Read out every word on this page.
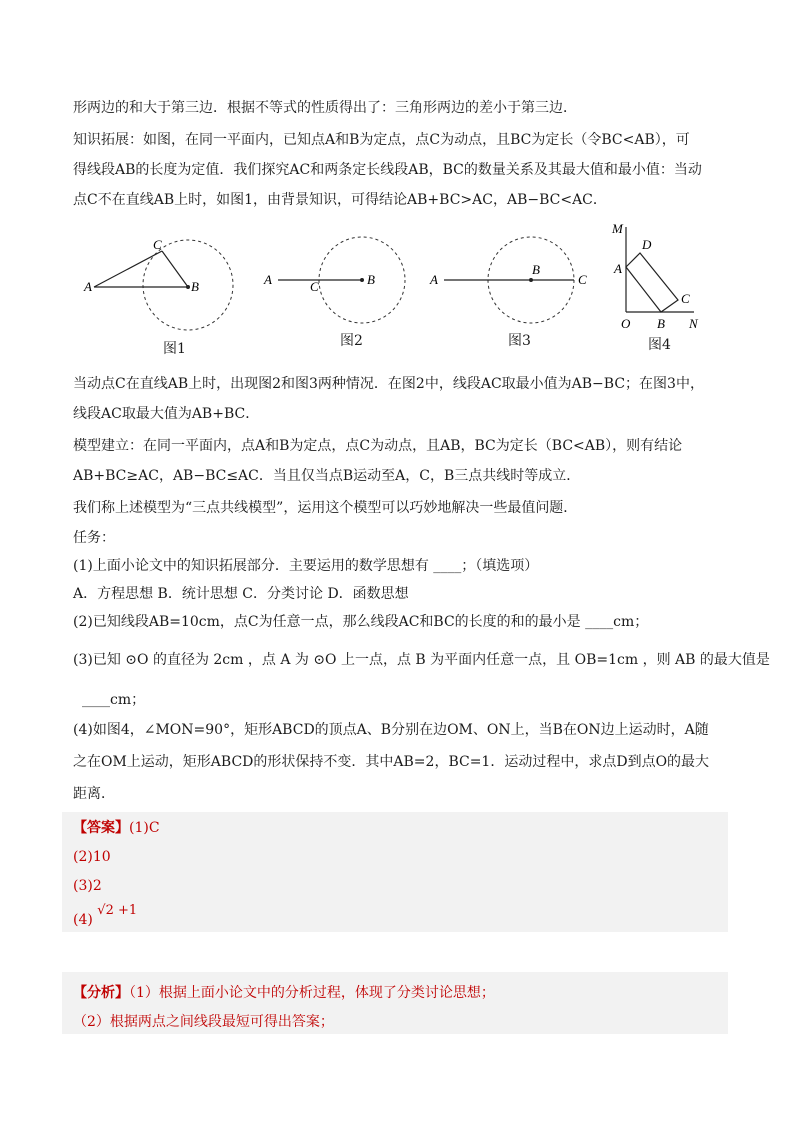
形两边的和大于第三边．根据不等式的性质得出了：三角形两边的差小于第三边．
知识拓展：如图，在同一平面内，已知点A和B为定点，点C为动点，且BC为定长（令BC<AB），可
得线段AB的长度为定值．我们探究AC和两条定长线段AB，BC的数量关系及其最大值和最小值：当动
点C不在直线AB上时，如图1，由背景知识，可得结论AB+BC>AC，AB−BC<AC．
A
C
B	A	C	B	A
B
C
M
D
A
C
O B N
图1	图2	图3	图4
当动点C在直线AB上时，出现图2和图3两种情况．在图2中，线段AC取最小值为AB−BC；在图3中，
线段AC取最大值为AB+BC．
模型建立：在同一平面内，点A和B为定点，点C为动点，且AB，BC为定长（BC<AB），则有结论
AB+BC≥AC，AB−BC≤AC．当且仅当点B运动至A，C，B三点共线时等成立．
我们称上述模型为“三点共线模型”，运用这个模型可以巧妙地解决一些最值问题．
任务：
(1)上面小论文中的知识拓展部分．主要运用的数学思想有 ____；（填选项）
A．方程思想 B．统计思想 C．分类讨论 D．函数思想
(2)已知线段AB=10cm，点C为任意一点，那么线段AC和BC的长度的和的最小是 ____cm；
(3)已知 ⊙O 的直径为 2cm ，点 A 为 ⊙O 上一点，点 B 为平面内任意一点，且 OB=1cm ，则 AB 的最大值是
____cm；
(4)如图4，∠MON=90°，矩形ABCD的顶点A、B分别在边OM、ON上，当B在ON边上运动时，A随
之在OM上运动，矩形ABCD的形状保持不变．其中AB=2，BC=1．运动过程中，求点D到点O的最大
距离．
【答案】(1)C
(2)10
(3)2
(4) √2 +1
【分析】（1）根据上面小论文中的分析过程，体现了分类讨论思想；
（2）根据两点之间线段最短可得出答案；
